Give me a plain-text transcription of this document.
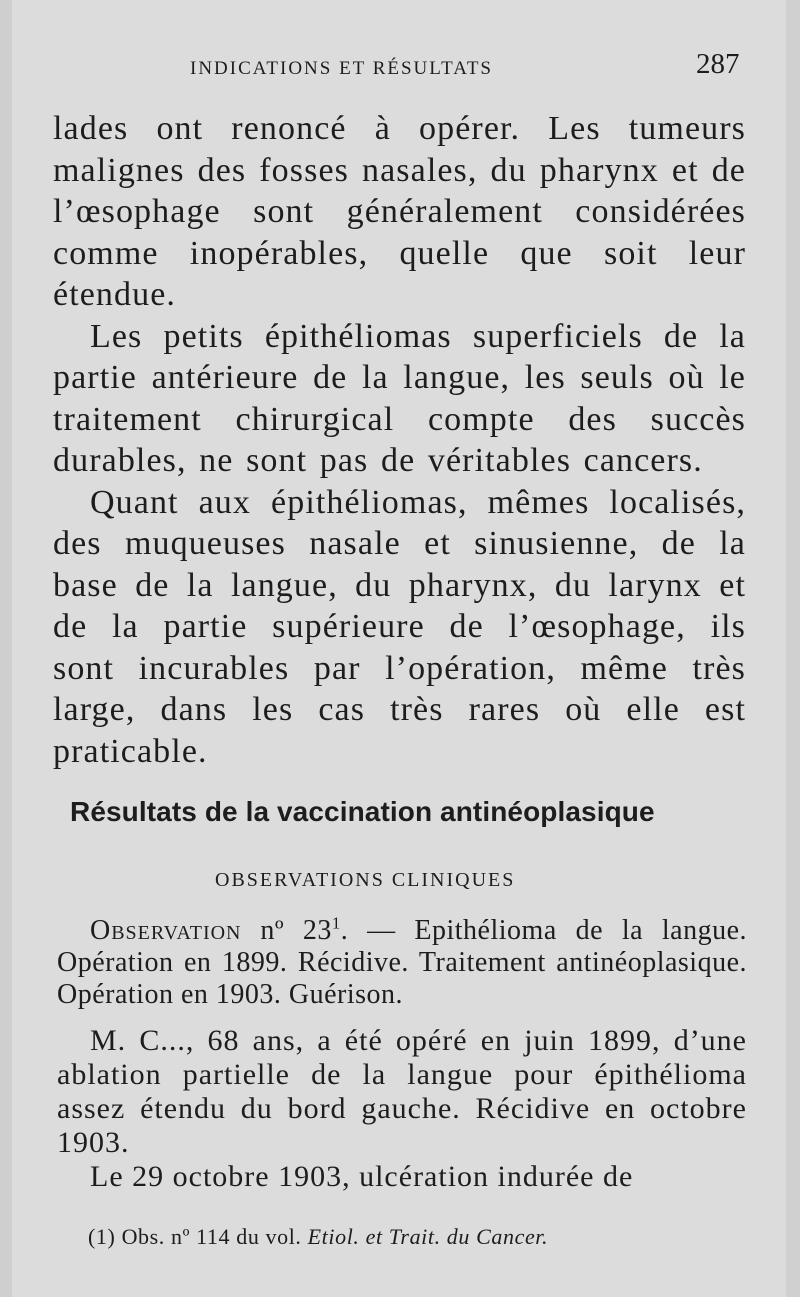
INDICATIONS ET RÉSULTATS	287

lades ont renoncé à opérer. Les tumeurs malignes des fosses nasales, du pharynx et de l’œsophage sont généralement considérées comme inopérables, quelle que soit leur étendue.

Les petits épithéliomas superficiels de la partie antérieure de la langue, les seuls où le traitement chirurgical compte des succès durables, ne sont pas de véritables cancers.

Quant aux épithéliomas, mêmes localisés, des muqueuses nasale et sinusienne, de la base de la langue, du pharynx, du larynx et de la partie supérieure de l’œsophage, ils sont incurables par l’opération, même très large, dans les cas très rares où elle est praticable.

Résultats de la vaccination antinéoplasique
OBSERVATIONS CLINIQUES
Observation nº $23^1$. — Epithélioma de la langue. Opération en 1899. Récidive. Traitement antinéoplasique. Opération en 1903. Guérison.

M. C..., 68 ans, a été opéré en juin 1899, d’une ablation partielle de la langue pour épithélioma assez étendu du bord gauche. Récidive en octobre 1903.

Le 29 octobre 1903, ulcération indurée de

(1) Obs. nº 114 du vol. Etiol. et Trait. du Cancer.
